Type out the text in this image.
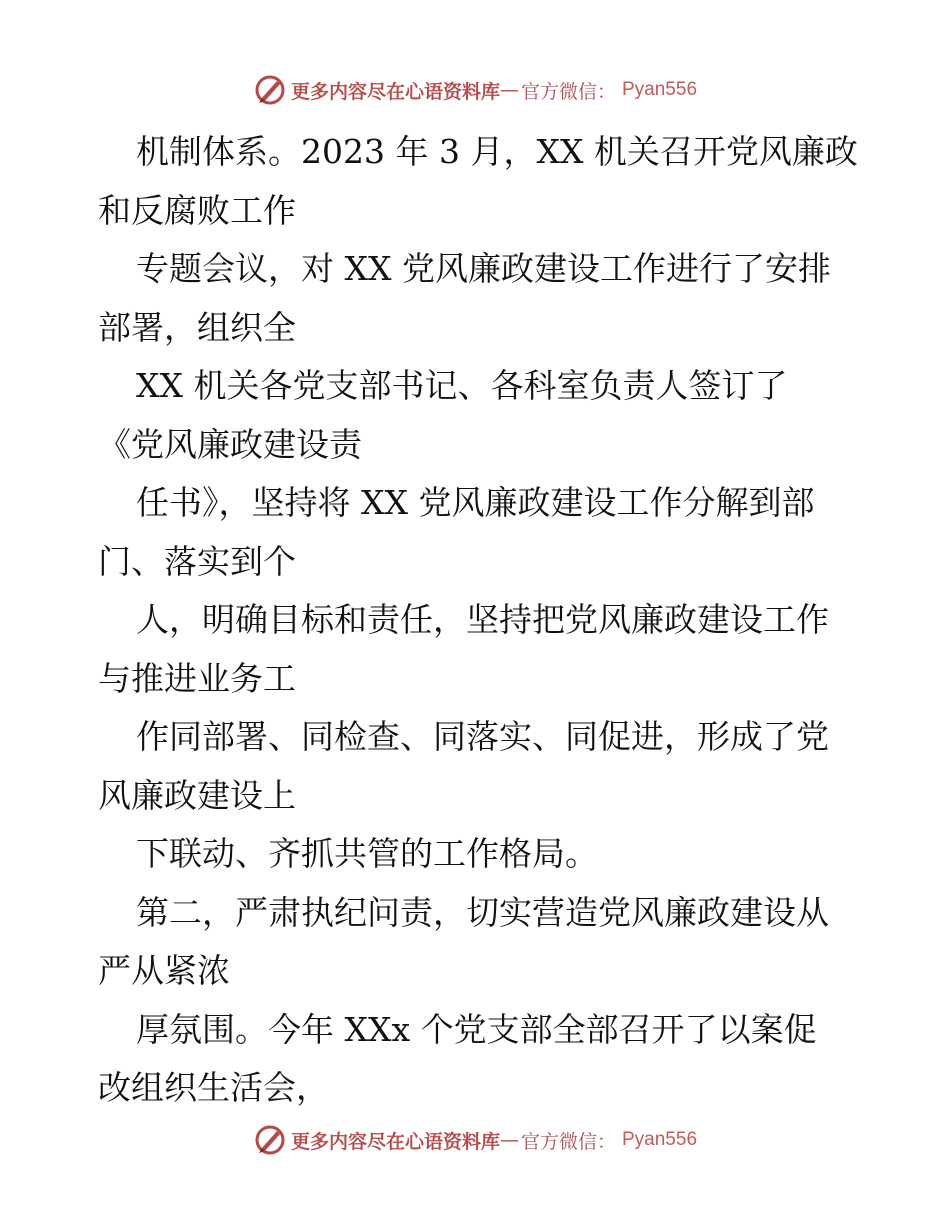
更多内容尽在心语资料库 — 官方微信： Pyan556
机制体系。2023 年 3 月，XX 机关召开党风廉政
和反腐败工作
专题会议，对 XX 党风廉政建设工作进行了安排
部署，组织全
XX 机关各党支部书记、各科室负责人签订了
《党风廉政建设责
任书》，坚持将 XX 党风廉政建设工作分解到部
门、落实到个
人，明确目标和责任，坚持把党风廉政建设工作
与推进业务工
作同部署、同检查、同落实、同促进，形成了党
风廉政建设上
下联动、齐抓共管的工作格局。
第二，严肃执纪问责，切实营造党风廉政建设从
严从紧浓
厚氛围。今年 XXx 个党支部全部召开了以案促
改组织生活会，
更多内容尽在心语资料库 — 官方微信： Pyan556
